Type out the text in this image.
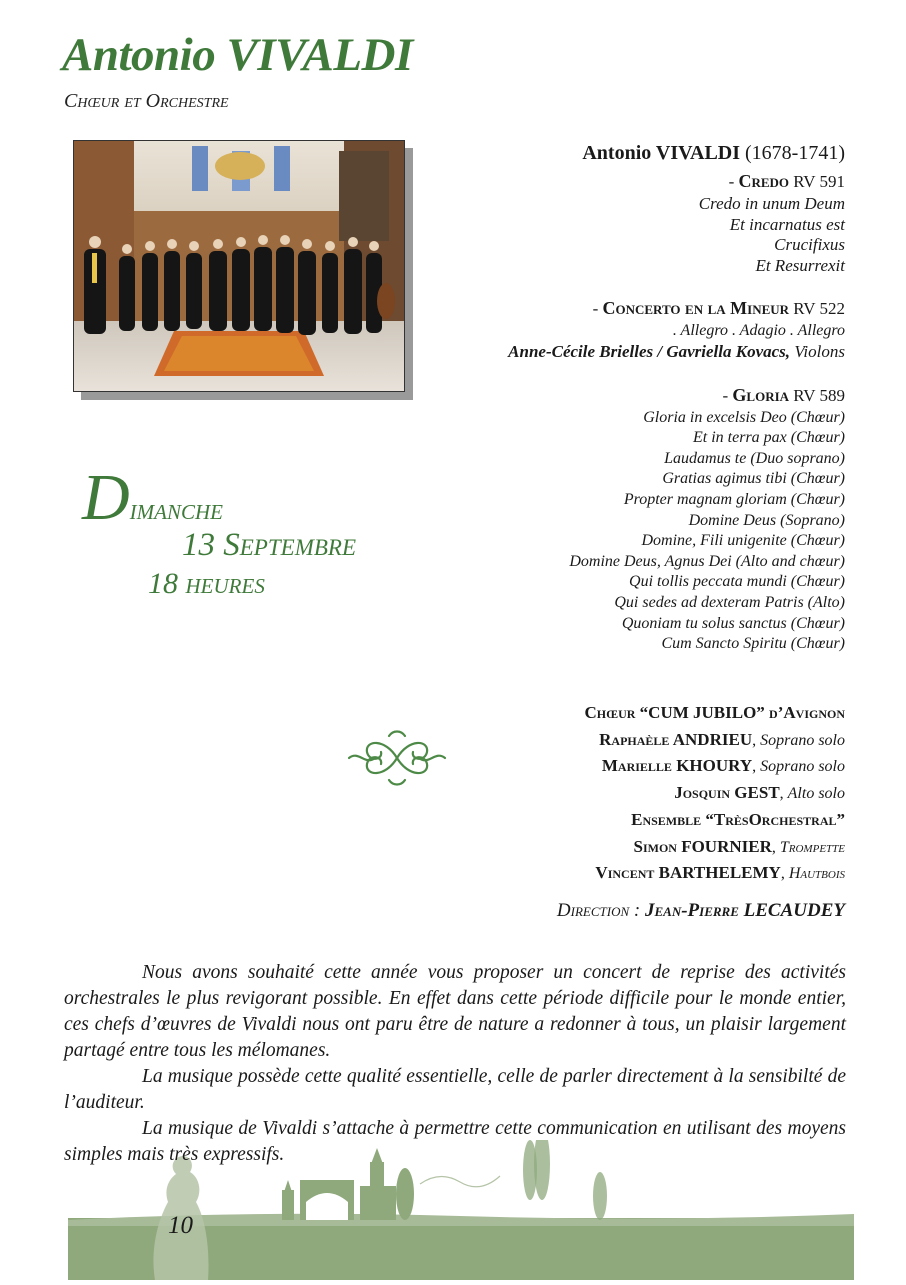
Antonio VIVALDI
Chœur et Orchestre
Dimanche
13 Septembre
18 heures
Antonio VIVALDI (1678-1741)
- Credo RV 591
Credo in unum Deum
Et incarnatus est
Crucifixus
Et Resurrexit
- Concerto en la Mineur RV 522
. Allegro . Adagio . Allegro
Anne-Cécile Brielles / Gavriella Kovacs, Violons
- Gloria RV 589
Gloria in excelsis Deo (Chœur)
Et in terra pax (Chœur)
Laudamus te (Duo soprano)
Gratias agimus tibi (Chœur)
Propter magnam gloriam (Chœur)
Domine Deus (Soprano)
Domine, Fili unigenite (Chœur)
Domine Deus, Agnus Dei (Alto and chœur)
Qui tollis peccata mundi (Chœur)
Qui sedes ad dexteram Patris (Alto)
Quoniam tu solus sanctus (Chœur)
Cum Sancto Spiritu (Chœur)
Chœur “CUM JUBILO” d’Avignon
Raphaèle ANDRIEU, Soprano solo
Marielle KHOURY, Soprano solo
Josquin GEST, Alto solo
Ensemble “TrèsOrchestral”
Simon FOURNIER, Trompette
Vincent BARTHELEMY, Hautbois
Direction : Jean-Pierre LECAUDEY

Nous avons souhaité cette année vous proposer un concert de reprise des activités orchestrales le plus revigorant possible. En effet dans cette période difficile pour le monde entier, ces chefs d’œuvres de Vivaldi nous ont paru être de nature a redonner à tous, un plaisir largement partagé entre tous les mélomanes.

La musique possède cette qualité essentielle, celle de parler directement à la sensibilté de l’auditeur.

La musique de Vivaldi s’attache à permettre cette communication en utilisant des moyens simples mais très expressifs.

10
